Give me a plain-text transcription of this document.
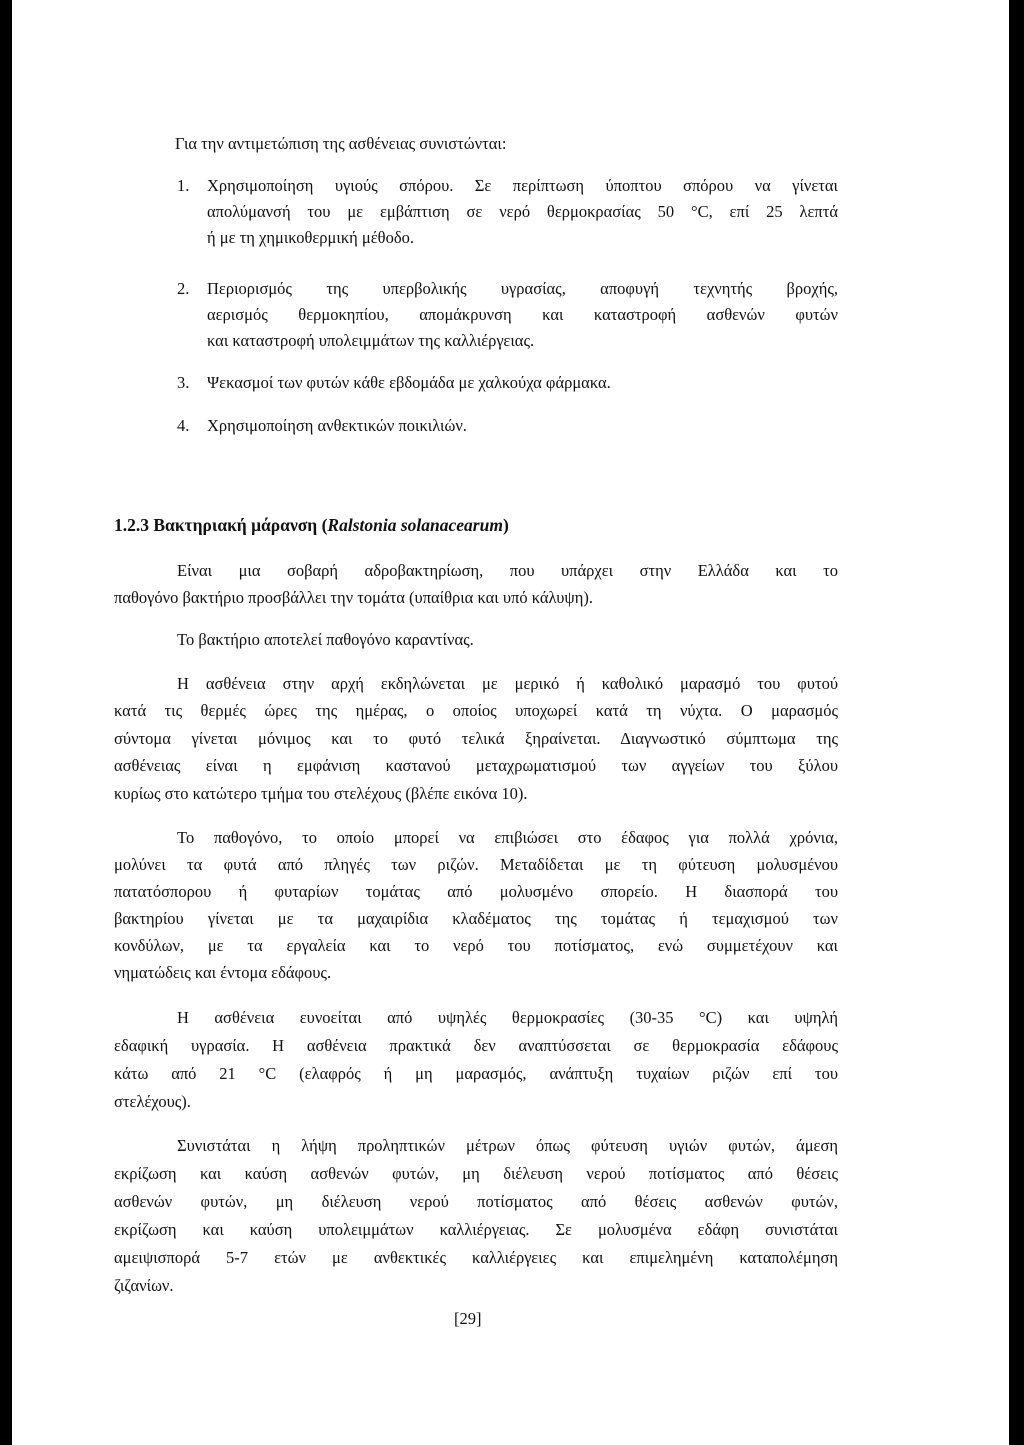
Για την αντιμετώπιση της ασθένειας συνιστώνται:
1. Χρησιμοποίηση υγιούς σπόρου. Σε περίπτωση ύποπτου σπόρου να γίνεται
απολύμανσή του με εμβάπτιση σε νερό θερμοκρασίας 50 °C, επί 25 λεπτά
ή με τη χημικοθερμική μέθοδο.
2. Περιορισμός της υπερβολικής υγρασίας, αποφυγή τεχνητής βροχής,
αερισμός θερμοκηπίου, απομάκρυνση και καταστροφή ασθενών φυτών
και καταστροφή υπολειμμάτων της καλλιέργειας.
3. Ψεκασμοί των φυτών κάθε εβδομάδα με χαλκούχα φάρμακα.
4. Χρησιμοποίηση ανθεκτικών ποικιλιών.
1.2.3 Βακτηριακή μάρανση (Ralstonia solanacearum)
Είναι μια σοβαρή αδροβακτηρίωση, που υπάρχει στην Ελλάδα και το
παθογόνο βακτήριο προσβάλλει την τομάτα (υπαίθρια και υπό κάλυψη).
Το βακτήριο αποτελεί παθογόνο καραντίνας.
Η ασθένεια στην αρχή εκδηλώνεται με μερικό ή καθολικό μαρασμό του φυτού
κατά τις θερμές ώρες της ημέρας, ο οποίος υποχωρεί κατά τη νύχτα. Ο μαρασμός
σύντομα γίνεται μόνιμος και το φυτό τελικά ξηραίνεται. Διαγνωστικό σύμπτωμα της
ασθένειας είναι η εμφάνιση καστανού μεταχρωματισμού των αγγείων του ξύλου
κυρίως στο κατώτερο τμήμα του στελέχους (βλέπε εικόνα 10).
Το παθογόνο, το οποίο μπορεί να επιβιώσει στο έδαφος για πολλά χρόνια,
μολύνει τα φυτά από πληγές των ριζών. Μεταδίδεται με τη φύτευση μολυσμένου
πατατόσπορου ή φυταρίων τομάτας από μολυσμένο σπορείο. Η διασπορά του
βακτηρίου γίνεται με τα μαχαιρίδια κλαδέματος της τομάτας ή τεμαχισμού των
κονδύλων, με τα εργαλεία και το νερό του ποτίσματος, ενώ συμμετέχουν και
νηματώδεις και έντομα εδάφους.
Η ασθένεια ευνοείται από υψηλές θερμοκρασίες (30-35 °C) και υψηλή
εδαφική υγρασία. Η ασθένεια πρακτικά δεν αναπτύσσεται σε θερμοκρασία εδάφους
κάτω από 21 °C (ελαφρός ή μη μαρασμός, ανάπτυξη τυχαίων ριζών επί του
στελέχους).
Συνιστάται η λήψη προληπτικών μέτρων όπως φύτευση υγιών φυτών, άμεση
εκρίζωση και καύση ασθενών φυτών, μη διέλευση νερού ποτίσματος από θέσεις
ασθενών φυτών, μη διέλευση νερού ποτίσματος από θέσεις ασθενών φυτών,
εκρίζωση και καύση υπολειμμάτων καλλιέργειας. Σε μολυσμένα εδάφη συνιστάται
αμειψισπορά 5-7 ετών με ανθεκτικές καλλιέργειες και επιμελημένη καταπολέμηση
ζιζανίων.
[29]
